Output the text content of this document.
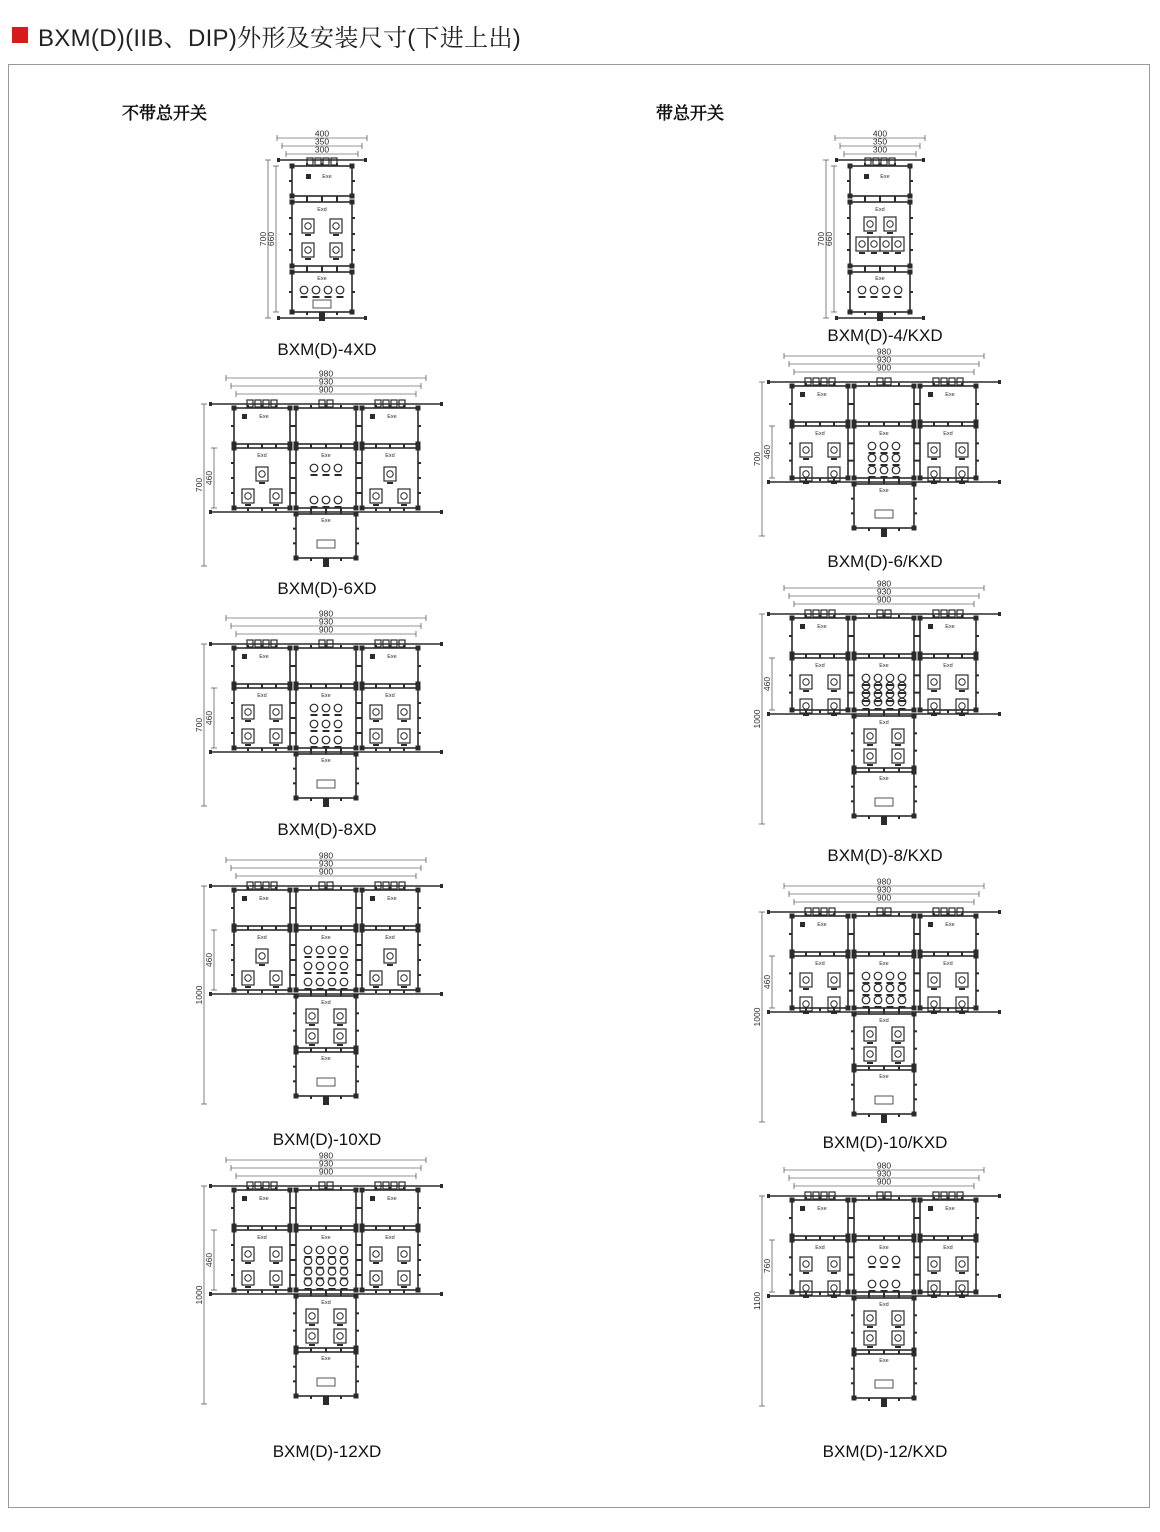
BXM(D)(IIB、DIP)外形及安装尺寸(下进上出)
不带总开关	带总开关
BXM(D)-4XD
BXM(D)-4/KXD
BXM(D)-6XD
BXM(D)-6/KXD
BXM(D)-8XD
BXM(D)-8/KXD
BXM(D)-10XD	BXM(D)-10/KXD
BXM(D)-12XD	BXM(D)-12/KXD
400
350
300
Exe
Exd
Exe
700
660
400
350
300
Exe
Exd
Exe
700
660
980
930
900
Exe
Exd
Exe
Exd
Exe
Exe
700 460
980
930
900
Exe
Exd
Exe
Exd
Exe
Exe
700 460
980
930
900
Exe
Exd
Exe
Exd
Exe
Exe
700 460
980
930
900
Exe
Exd
Exe
Exd
Exe
Exd
Exe
1000
460
980
930
900
Exe
Exd
Exe
Exd
Exe
Exd
Exe
1000
460
980
930
900
Exe
Exd
Exe
Exd
Exe
Exd
Exe
1000
460
980
930
900
Exe
Exd
Exe
Exd
Exe
Exd
Exe
1000
460
980
930
900
Exe
Exd
Exe
Exd
Exe
Exd
Exe
1100
760
